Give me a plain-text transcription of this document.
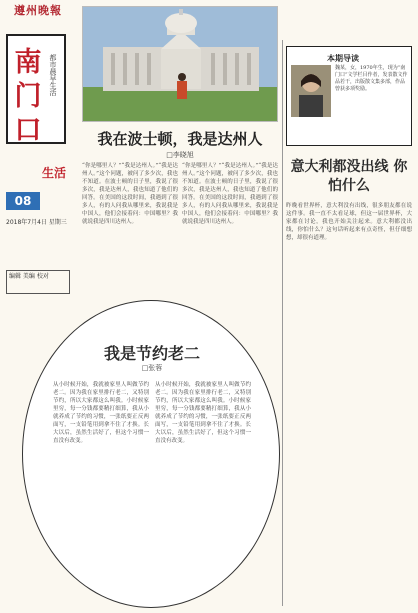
遵州晚報
南门口
都市晨早生活
生活
08
2018年7月4日 星期三
编辑 美编 校对
我在波士顿，我是达州人
□李晓旭
“你是哪里人？”“我是达州人。”“我是达州人。”这个问题，被问了多少次，我也不知道。在波士顿的日子里，我说了很多次，我是达州人，我也知道了他们的回答。在美国的这段时间，我遇到了很多人，有的人问我从哪里来，我说我是中国人，他们会接着问：中国哪里？我就说我是四川达州人。
“你是哪里人？”“我是达州人。”“我是达州人。”这个问题，被问了多少次，我也不知道。在波士顿的日子里，我说了很多次，我是达州人，我也知道了他们的回答。在美国的这段时间，我遇到了很多人，有的人问我从哪里来，我说我是中国人，他们会接着问：中国哪里？我就说我是四川达州人。
本期导读
魏某，女，1970年生，现为“南门口”文学栏目作者，发表散文作品若干，出版散文集多部，作品曾获多项奖励。
意大利都没出线 你怕什么
昨晚看世界杯，意大利没有出线，很多朋友都在说这件事。我一直不太看足球，但这一届世界杯，大家都在讨论，我也开始关注起来。意大利都没出线，你怕什么？这句话听起来有点奇怪，但仔细想想，却很有道理。
我是节约老二
□张蓉
从小时候开始，我就被家里人叫做节约老二。因为我在家里排行老二，又特别节约，所以大家都这么叫我。小时候家里穷，每一分钱都要精打细算，我从小就养成了节约的习惯，一张纸要正反两面写，一支铅笔用到拿不住了才换。长大以后，虽然生活好了，但这个习惯一直没有改变。
从小时候开始，我就被家里人叫做节约老二。因为我在家里排行老二，又特别节约，所以大家都这么叫我。小时候家里穷，每一分钱都要精打细算，我从小就养成了节约的习惯，一张纸要正反两面写，一支铅笔用到拿不住了才换。长大以后，虽然生活好了，但这个习惯一直没有改变。
